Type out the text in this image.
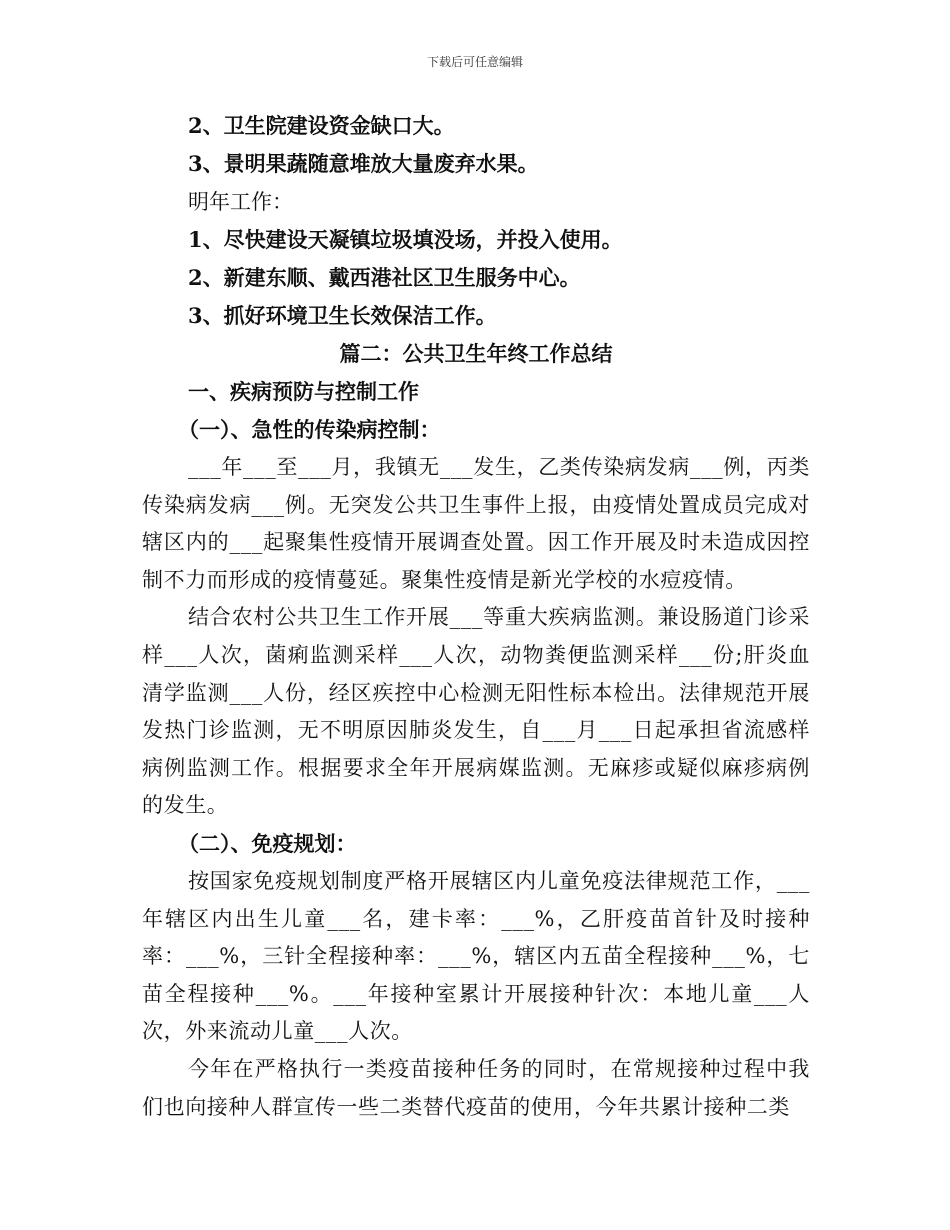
下载后可任意编辑
2、卫生院建设资金缺口大。
3、景明果蔬随意堆放大量废弃水果。
明年工作：
1、尽快建设天凝镇垃圾填没场，并投入使用。
2、新建东顺、戴西港社区卫生服务中心。
3、抓好环境卫生长效保洁工作。
篇二：公共卫生年终工作总结
一、疾病预防与控制工作
（一）、急性的传染病控制：

___年___至___月，我镇无___发生，乙类传染病发病___例，丙类传染病发病___例。无突发公共卫生事件上报，由疫情处置成员完成对辖区内的___起聚集性疫情开展调查处置。因工作开展及时未造成因控制不力而形成的疫情蔓延。聚集性疫情是新光学校的水痘疫情。

结合农村公共卫生工作开展___等重大疾病监测。兼设肠道门诊采样___人次，菌痢监测采样___人次，动物粪便监测采样___份;肝炎血清学监测___人份，经区疾控中心检测无阳性标本检出。法律规范开展发热门诊监测，无不明原因肺炎发生，自___月___日起承担省流感样病例监测工作。根据要求全年开展病媒监测。无麻疹或疑似麻疹病例的发生。

（二）、免疫规划：

按国家免疫规划制度严格开展辖区内儿童免疫法律规范工作，___年辖区内出生儿童___名，建卡率：___%，乙肝疫苗首针及时接种率：___%，三针全程接种率：___%，辖区内五苗全程接种___%，七苗全程接种___%。___年接种室累计开展接种针次：本地儿童___人次，外来流动儿童___人次。

今年在严格执行一类疫苗接种任务的同时，在常规接种过程中我们也向接种人群宣传一些二类替代疫苗的使用，今年共累计接种二类
